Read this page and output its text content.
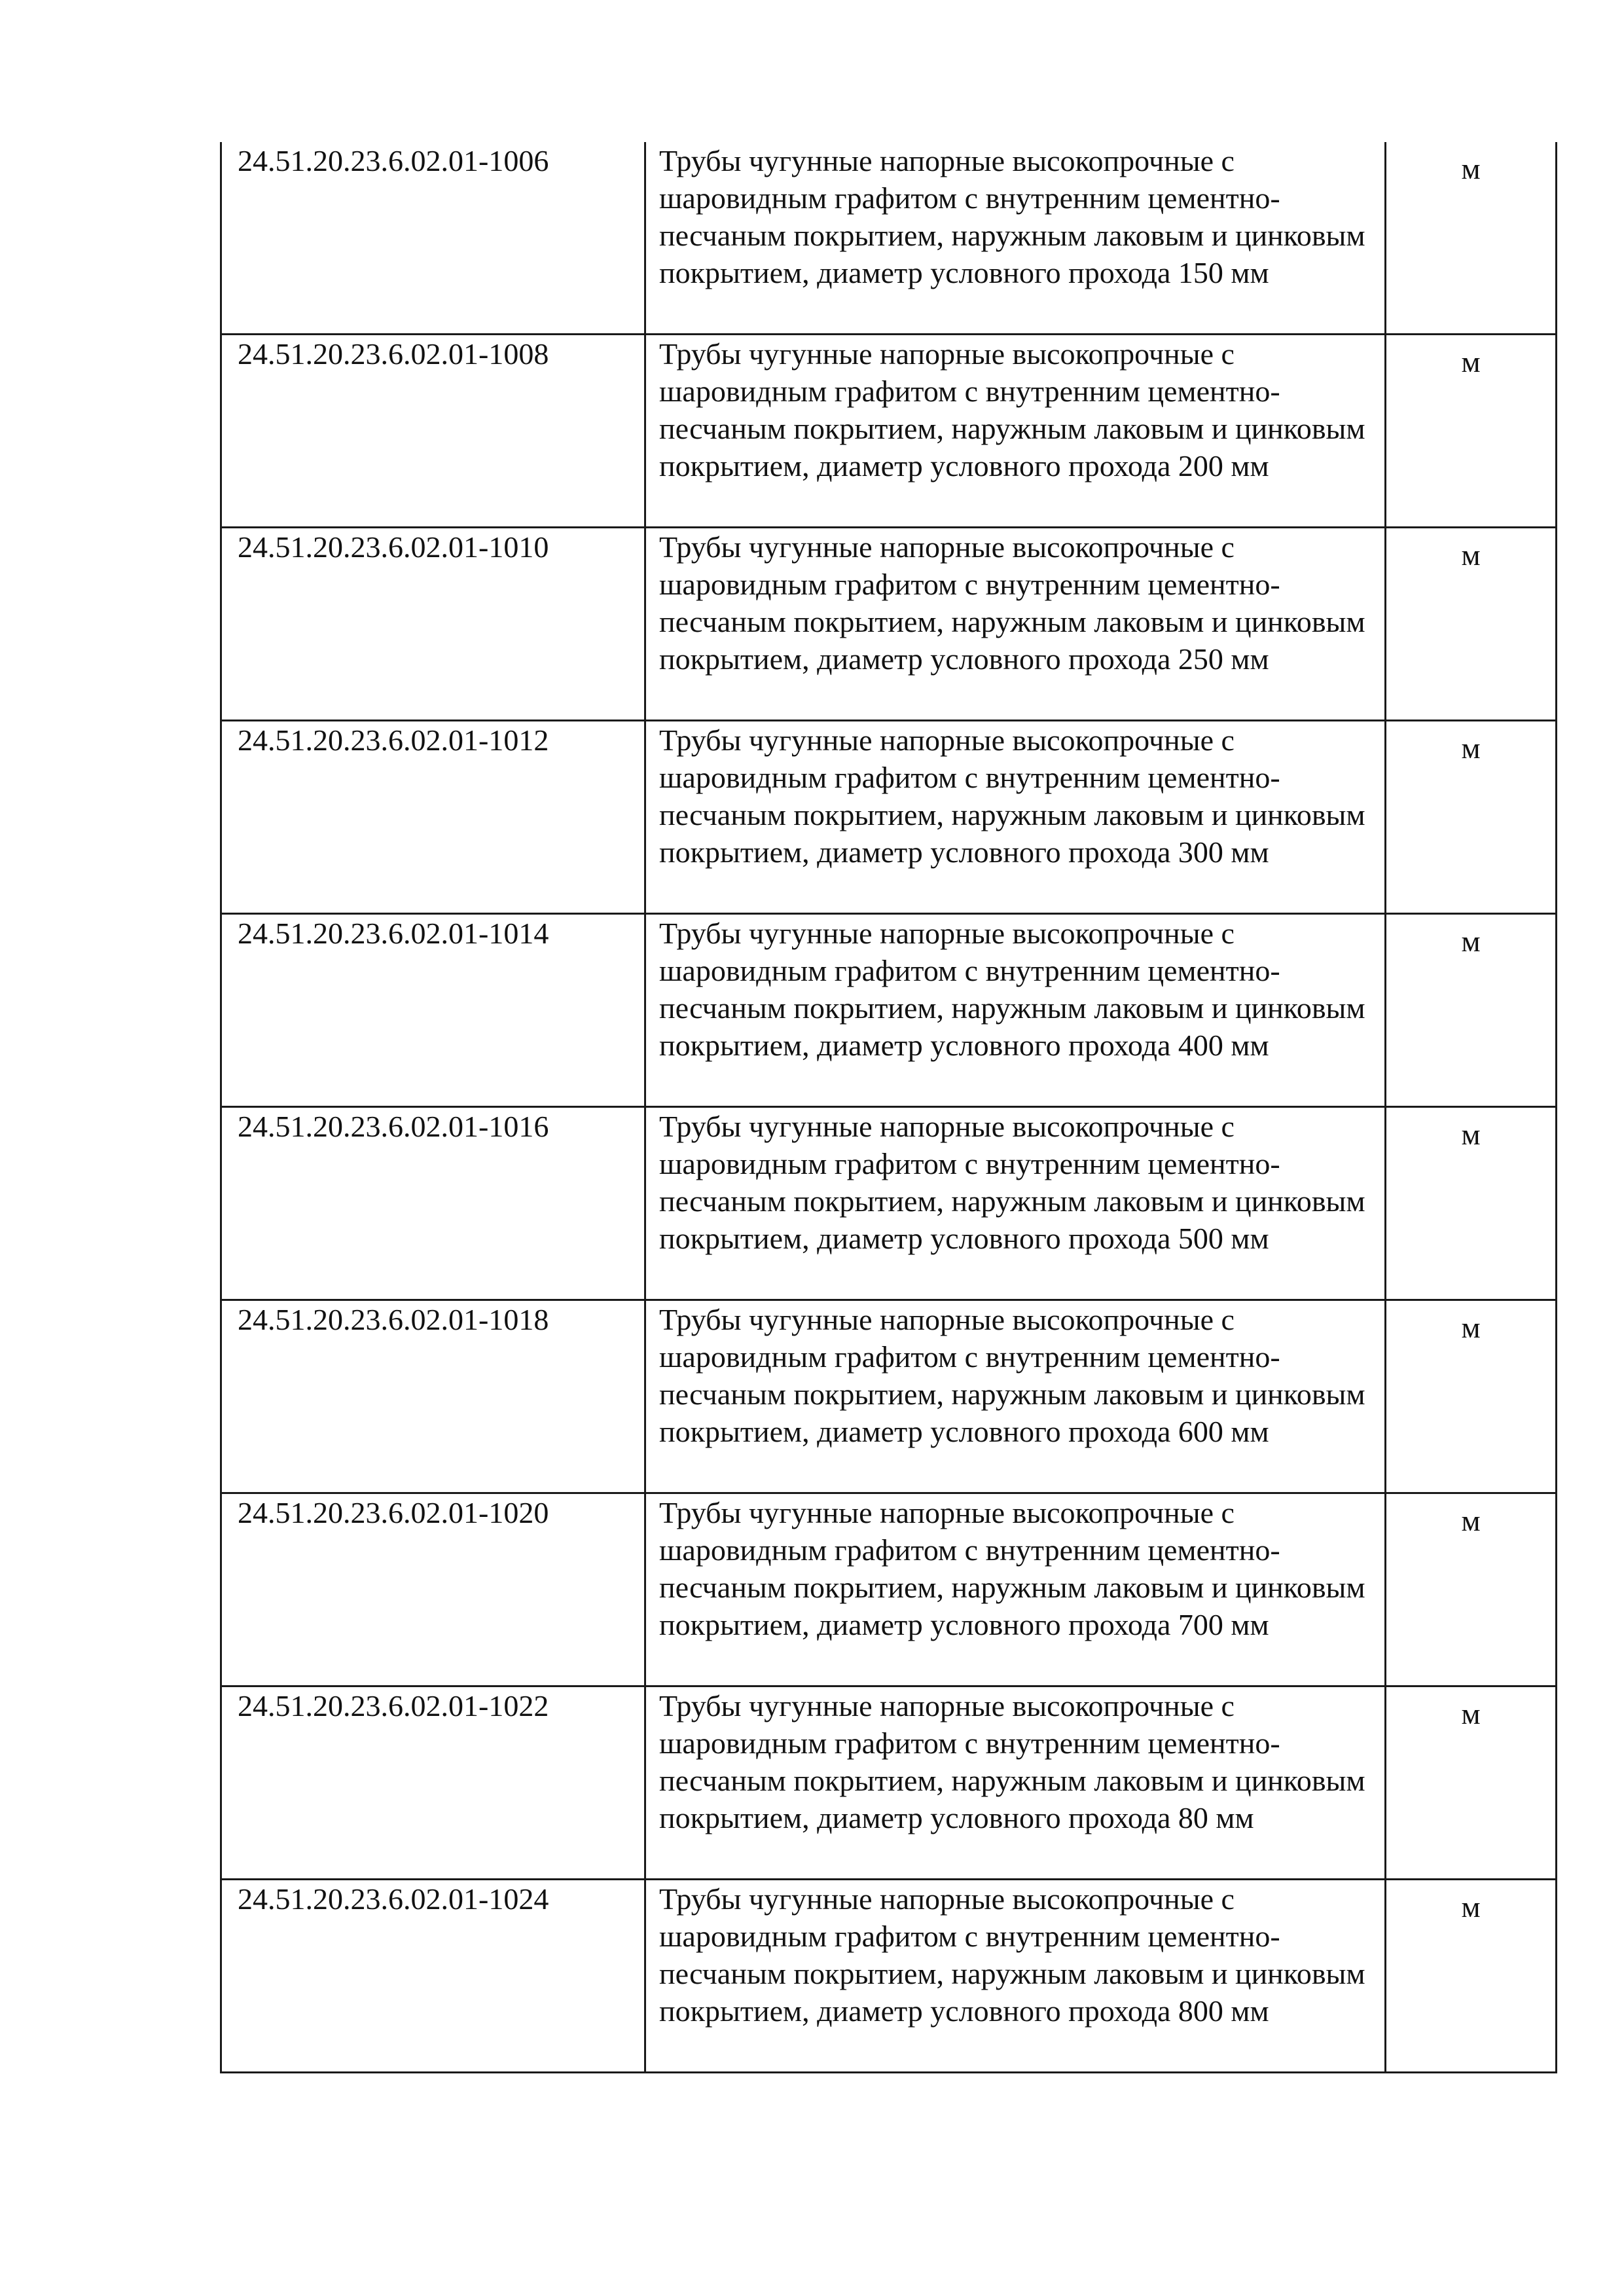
24.51.20.23.6.02.01-1006	Трубы чугунные напорные высокопрочные с шаровидным графитом с внутренним цементно-песчаным покрытием, наружным лаковым и цинковым покрытием, диаметр условного прохода 150 мм	м
24.51.20.23.6.02.01-1008	Трубы чугунные напорные высокопрочные с шаровидным графитом с внутренним цементно-песчаным покрытием, наружным лаковым и цинковым покрытием, диаметр условного прохода 200 мм	м
24.51.20.23.6.02.01-1010	Трубы чугунные напорные высокопрочные с шаровидным графитом с внутренним цементно-песчаным покрытием, наружным лаковым и цинковым покрытием, диаметр условного прохода 250 мм	м
24.51.20.23.6.02.01-1012	Трубы чугунные напорные высокопрочные с шаровидным графитом с внутренним цементно-песчаным покрытием, наружным лаковым и цинковым покрытием, диаметр условного прохода 300 мм	м
24.51.20.23.6.02.01-1014	Трубы чугунные напорные высокопрочные с шаровидным графитом с внутренним цементно-песчаным покрытием, наружным лаковым и цинковым покрытием, диаметр условного прохода 400 мм	м
24.51.20.23.6.02.01-1016	Трубы чугунные напорные высокопрочные с шаровидным графитом с внутренним цементно-песчаным покрытием, наружным лаковым и цинковым покрытием, диаметр условного прохода 500 мм	м
24.51.20.23.6.02.01-1018	Трубы чугунные напорные высокопрочные с шаровидным графитом с внутренним цементно-песчаным покрытием, наружным лаковым и цинковым покрытием, диаметр условного прохода 600 мм	м
24.51.20.23.6.02.01-1020	Трубы чугунные напорные высокопрочные с шаровидным графитом с внутренним цементно-песчаным покрытием, наружным лаковым и цинковым покрытием, диаметр условного прохода 700 мм	м
24.51.20.23.6.02.01-1022	Трубы чугунные напорные высокопрочные с шаровидным графитом с внутренним цементно-песчаным покрытием, наружным лаковым и цинковым покрытием, диаметр условного прохода 80 мм	м
24.51.20.23.6.02.01-1024	Трубы чугунные напорные высокопрочные с шаровидным графитом с внутренним цементно-песчаным покрытием, наружным лаковым и цинковым покрытием, диаметр условного прохода 800 мм	м
